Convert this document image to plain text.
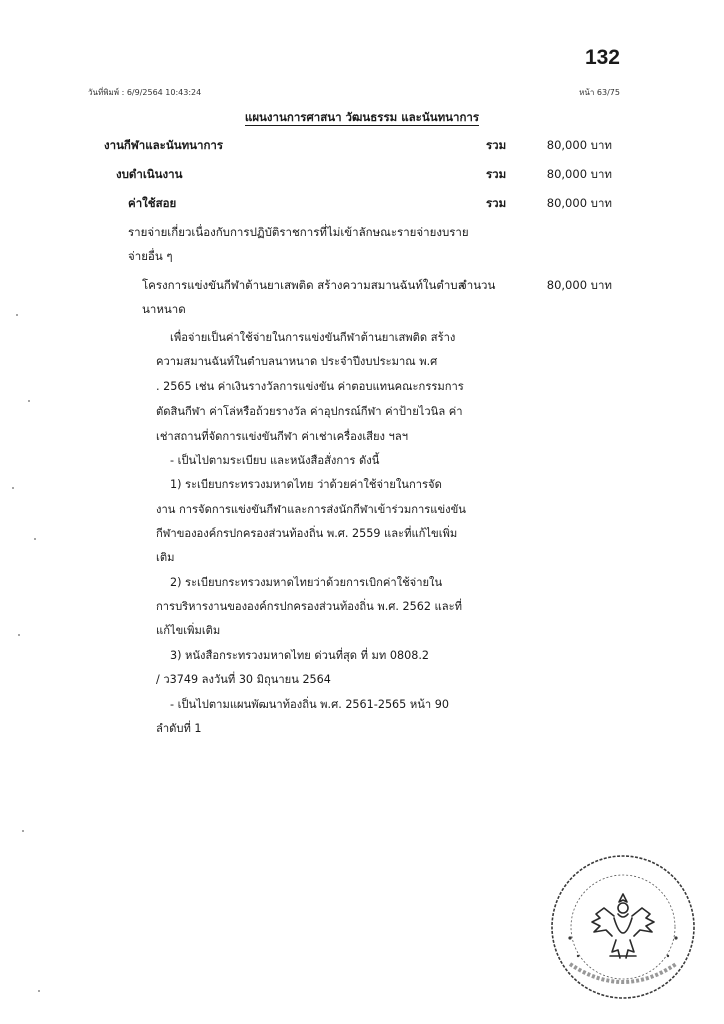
132
วันที่พิมพ์ : 6/9/2564 10:43:24	หน้า 63/75
แผนงานการศาสนา วัฒนธรรม และนันทนาการ
งานกีฬาและนันทนาการ	รวม	80,000 บาท
งบดำเนินงาน	รวม	80,000 บาท
ค่าใช้สอย	รวม	80,000 บาท
รายจ่ายเกี่ยวเนื่องกับการปฏิบัติราชการที่ไม่เข้าลักษณะรายจ่ายงบราย
จ่ายอื่น ๆ
โครงการแข่งขันกีฬาต้านยาเสพติด สร้างความสมานฉันท์ในตำบล
นาหนาด
จำนวน	80,000 บาท
เพื่อจ่ายเป็นค่าใช้จ่ายในการแข่งขันกีฬาต้านยาเสพติด สร้าง
ความสมานฉันท์ในตำบลนาหนาด ประจำปีงบประมาณ พ.ศ
. 2565 เช่น ค่าเงินรางวัลการแข่งขัน ค่าตอบแทนคณะกรรมการ
ตัดสินกีฬา ค่าโล่หรือถ้วยรางวัล ค่าอุปกรณ์กีฬา ค่าป้ายไวนิล ค่า
เช่าสถานที่จัดการแข่งขันกีฬา ค่าเช่าเครื่องเสียง ฯลฯ
- เป็นไปตามระเบียบ และหนังสือสั่งการ ดังนี้
1) ระเบียบกระทรวงมหาดไทย ว่าด้วยค่าใช้จ่ายในการจัด
งาน การจัดการแข่งขันกีฬาและการส่งนักกีฬาเข้าร่วมการแข่งขัน
กีฬาขององค์กรปกครองส่วนท้องถิ่น พ.ศ. 2559 และที่แก้ไขเพิ่ม
เติม
2) ระเบียบกระทรวงมหาดไทยว่าด้วยการเบิกค่าใช้จ่ายใน
การบริหารงานขององค์กรปกครองส่วนท้องถิ่น พ.ศ. 2562 และที่
แก้ไขเพิ่มเติม
3) หนังสือกระทรวงมหาดไทย ด่วนที่สุด ที่ มท 0808.2
/ ว3749 ลงวันที่ 30 มิถุนายน 2564
- เป็นไปตามแผนพัฒนาท้องถิ่น พ.ศ. 2561-2565 หน้า 90
ลำดับที่ 1
